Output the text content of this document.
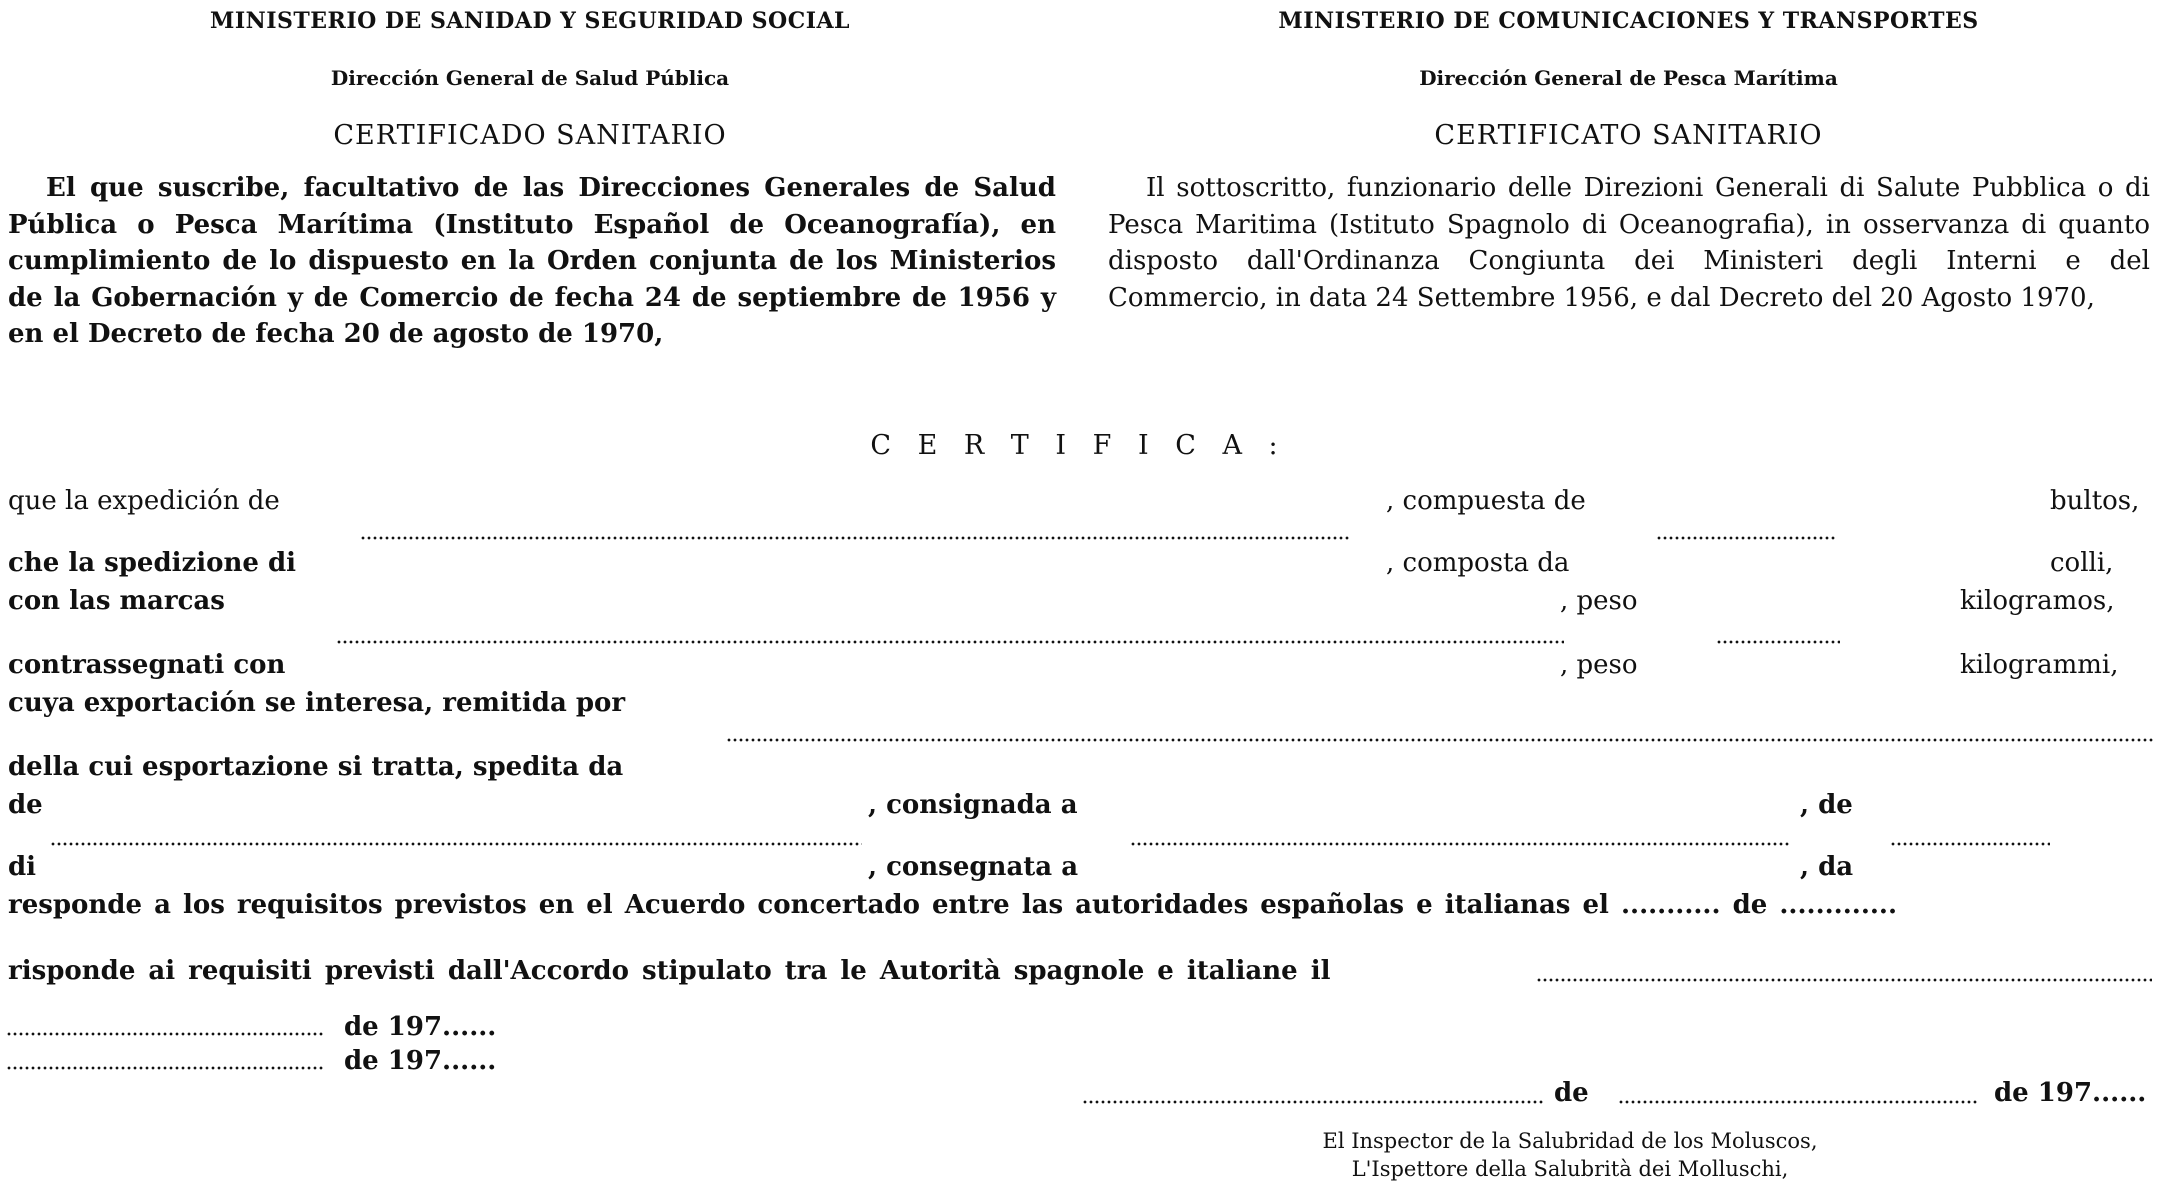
MINISTERIO DE SANIDAD Y SEGURIDAD SOCIAL
Dirección General de Salud Pública
CERTIFICADO SANITARIO
El que suscribe, facultativo de las Direcciones Generales de Salud Pública o Pesca Marítima (Instituto Español de Oceanografía), en cumplimiento de lo dispuesto en la Orden conjunta de los Ministerios de la Gobernación y de Comercio de fecha 24 de septiembre de 1956 y en el Decreto de fecha 20 de agosto de 1970,
MINISTERIO DE COMUNICACIONES Y TRANSPORTES
Dirección General de Pesca Marítima
CERTIFICATO SANITARIO
Il sottoscritto, funzionario delle Direzioni Generali di Salute Pubblica o di Pesca Maritima (Istituto Spagnolo di Oceanografia), in osservanza di quanto disposto dall'Ordinanza Congiunta dei Ministeri degli Interni e del Commercio, in data 24 Settembre 1956, e dal Decreto del 20 Agosto 1970,
C E R T I F I C A :
que la expedición de	, compuesta de	bultos,
che la spedizione di	, composta da	colli,
con las marcas	, peso	kilogramos,
contrassegnati con	, peso	kilogrammi,
cuya exportación se interesa, remitida por
della cui esportazione si tratta, spedita da
de	, consignada a	, de
di	, consegnata a	, da
responde a los requisitos previstos en el Acuerdo concertado entre las autoridades españolas e italianas el ........... de .............
risponde ai requisiti previsti dall'Accordo stipulato tra le Autorità spagnole e italiane il
de 197......
de 197......
de	de 197......
El Inspector de la Salubridad de los Moluscos,
L'Ispettore della Salubrità dei Molluschi,
